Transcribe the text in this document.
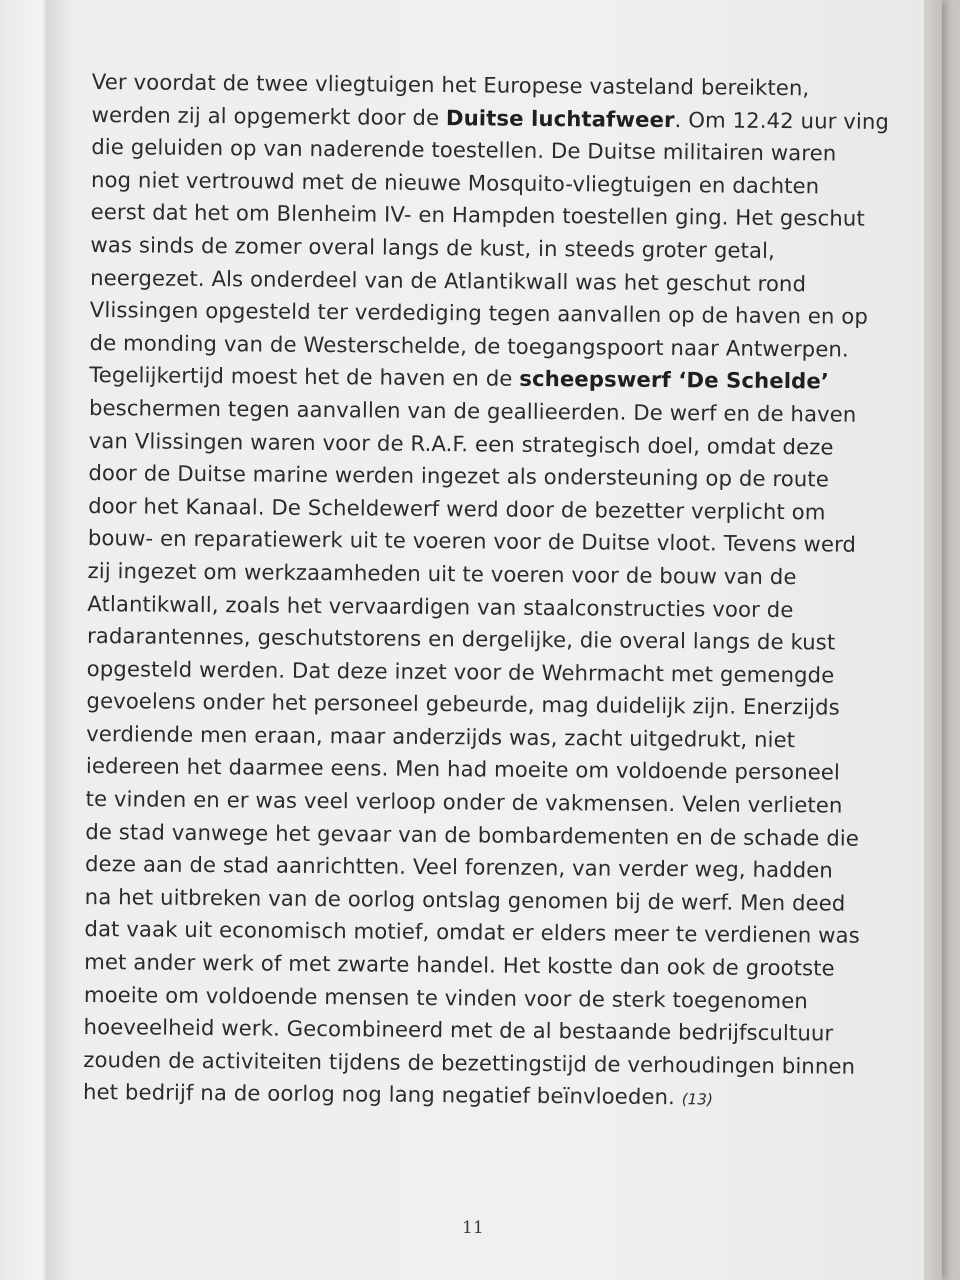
Ver voordat de twee vliegtuigen het Europese vasteland bereikten,
werden zij al opgemerkt door de Duitse luchtafweer. Om 12.42 uur ving
die geluiden op van naderende toestellen. De Duitse militairen waren
nog niet vertrouwd met de nieuwe Mosquito-vliegtuigen en dachten
eerst dat het om Blenheim IV- en Hampden toestellen ging. Het geschut
was sinds de zomer overal langs de kust, in steeds groter getal,
neergezet. Als onderdeel van de Atlantikwall was het geschut rond
Vlissingen opgesteld ter verdediging tegen aanvallen op de haven en op
de monding van de Westerschelde, de toegangspoort naar Antwerpen.
Tegelijkertijd moest het de haven en de scheepswerf ‘De Schelde’
beschermen tegen aanvallen van de geallieerden. De werf en de haven
van Vlissingen waren voor de R.A.F. een strategisch doel, omdat deze
door de Duitse marine werden ingezet als ondersteuning op de route
door het Kanaal. De Scheldewerf werd door de bezetter verplicht om
bouw- en reparatiewerk uit te voeren voor de Duitse vloot. Tevens werd
zij ingezet om werkzaamheden uit te voeren voor de bouw van de
Atlantikwall, zoals het vervaardigen van staalconstructies voor de
radarantennes, geschutstorens en dergelijke, die overal langs de kust
opgesteld werden. Dat deze inzet voor de Wehrmacht met gemengde
gevoelens onder het personeel gebeurde, mag duidelijk zijn. Enerzijds
verdiende men eraan, maar anderzijds was, zacht uitgedrukt, niet
iedereen het daarmee eens. Men had moeite om voldoende personeel
te vinden en er was veel verloop onder de vakmensen. Velen verlieten
de stad vanwege het gevaar van de bombardementen en de schade die
deze aan de stad aanrichtten. Veel forenzen, van verder weg, hadden
na het uitbreken van de oorlog ontslag genomen bij de werf. Men deed
dat vaak uit economisch motief, omdat er elders meer te verdienen was
met ander werk of met zwarte handel. Het kostte dan ook de grootste
moeite om voldoende mensen te vinden voor de sterk toegenomen
hoeveelheid werk. Gecombineerd met de al bestaande bedrijfscultuur
zouden de activiteiten tijdens de bezettingstijd de verhoudingen binnen
het bedrijf na de oorlog nog lang negatief beïnvloeden. (13)
11
